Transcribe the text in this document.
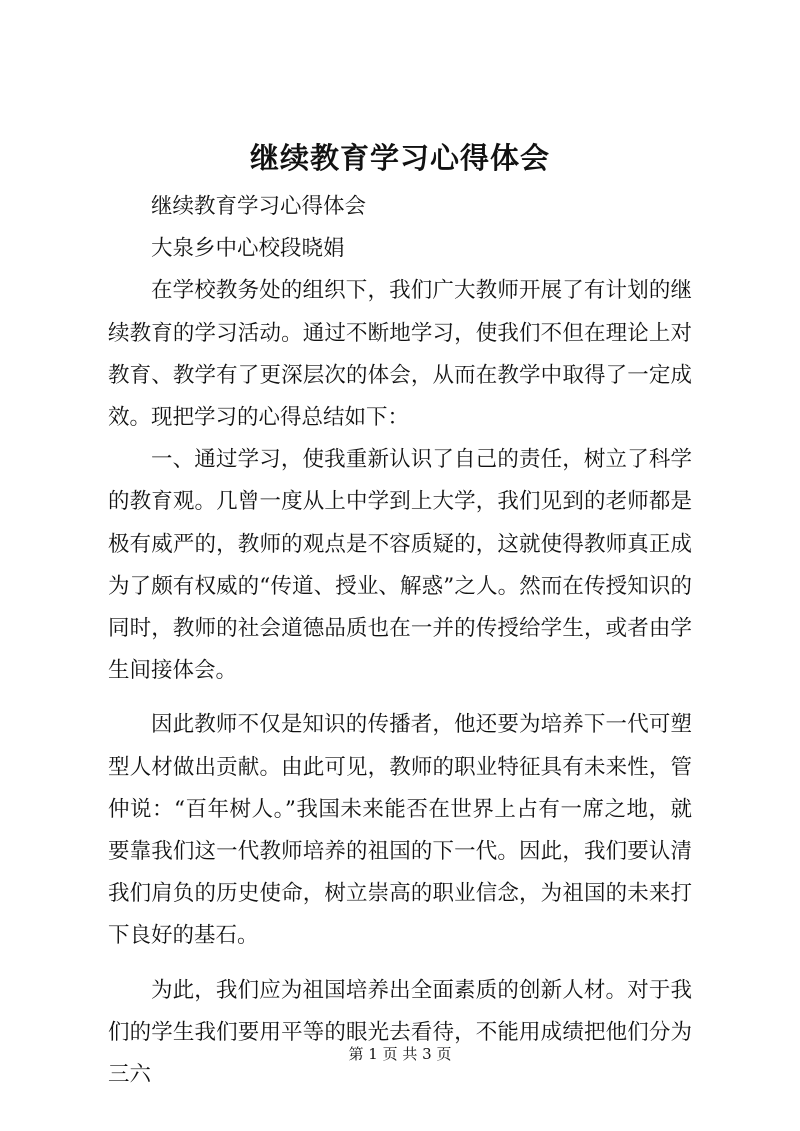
继续教育学习心得体会

继续教育学习心得体会

大泉乡中心校段晓娟

在学校教务处的组织下，我们广大教师开展了有计划的继续教育的学习活动。通过不断地学习，使我们不但在理论上对教育、教学有了更深层次的体会，从而在教学中取得了一定成效。现把学习的心得总结如下：

一、通过学习，使我重新认识了自己的责任，树立了科学的教育观。几曾一度从上中学到上大学，我们见到的老师都是极有威严的，教师的观点是不容质疑的，这就使得教师真正成为了颇有权威的“传道、授业、解惑”之人。然而在传授知识的同时，教师的社会道德品质也在一并的传授给学生，或者由学生间接体会。

因此教师不仅是知识的传播者，他还要为培养下一代可塑型人材做出贡献。由此可见，教师的职业特征具有未来性，管仲说：“百年树人。”我国未来能否在世界上占有一席之地，就要靠我们这一代教师培养的祖国的下一代。因此，我们要认清我们肩负的历史使命，树立崇高的职业信念，为祖国的未来打下良好的基石。

为此，我们应为祖国培养出全面素质的创新人材。对于我们的学生我们要用平等的眼光去看待，不能用成绩把他们分为三六

第 1 页 共 3 页
